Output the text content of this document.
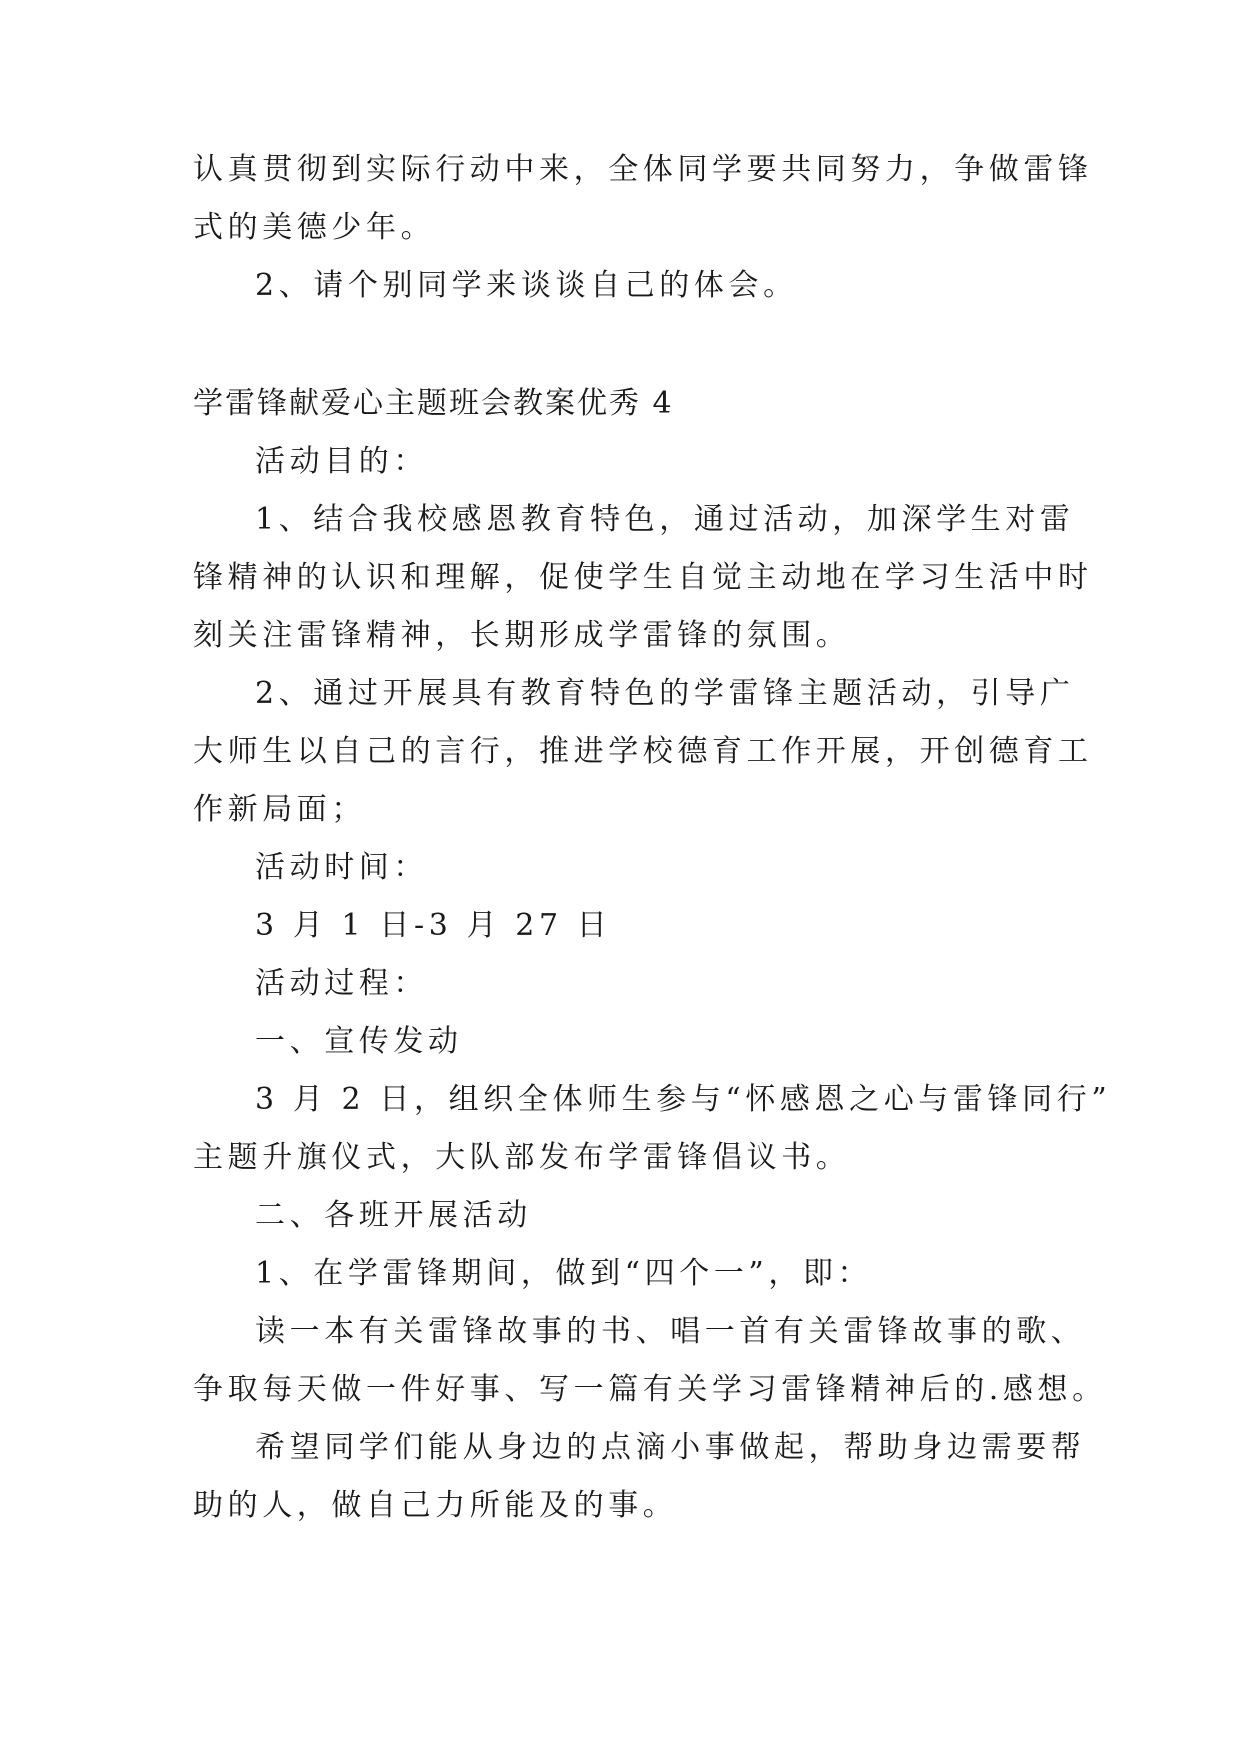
认真贯彻到实际行动中来，全体同学要共同努力，争做雷锋
式的美德少年。
2、请个别同学来谈谈自己的体会。
学雷锋献爱心主题班会教案优秀 4
活动目的：
1、结合我校感恩教育特色，通过活动，加深学生对雷
锋精神的认识和理解，促使学生自觉主动地在学习生活中时
刻关注雷锋精神，长期形成学雷锋的氛围。
2、通过开展具有教育特色的学雷锋主题活动，引导广
大师生以自己的言行，推进学校德育工作开展，开创德育工
作新局面；
活动时间：
3 月 1 日-3 月 27 日
活动过程：
一、宣传发动
3 月 2 日，组织全体师生参与“怀感恩之心与雷锋同行”
主题升旗仪式，大队部发布学雷锋倡议书。
二、各班开展活动
1、在学雷锋期间，做到“四个一”，即：
读一本有关雷锋故事的书、唱一首有关雷锋故事的歌、
争取每天做一件好事、写一篇有关学习雷锋精神后的.感想。
希望同学们能从身边的点滴小事做起，帮助身边需要帮
助的人，做自己力所能及的事。
